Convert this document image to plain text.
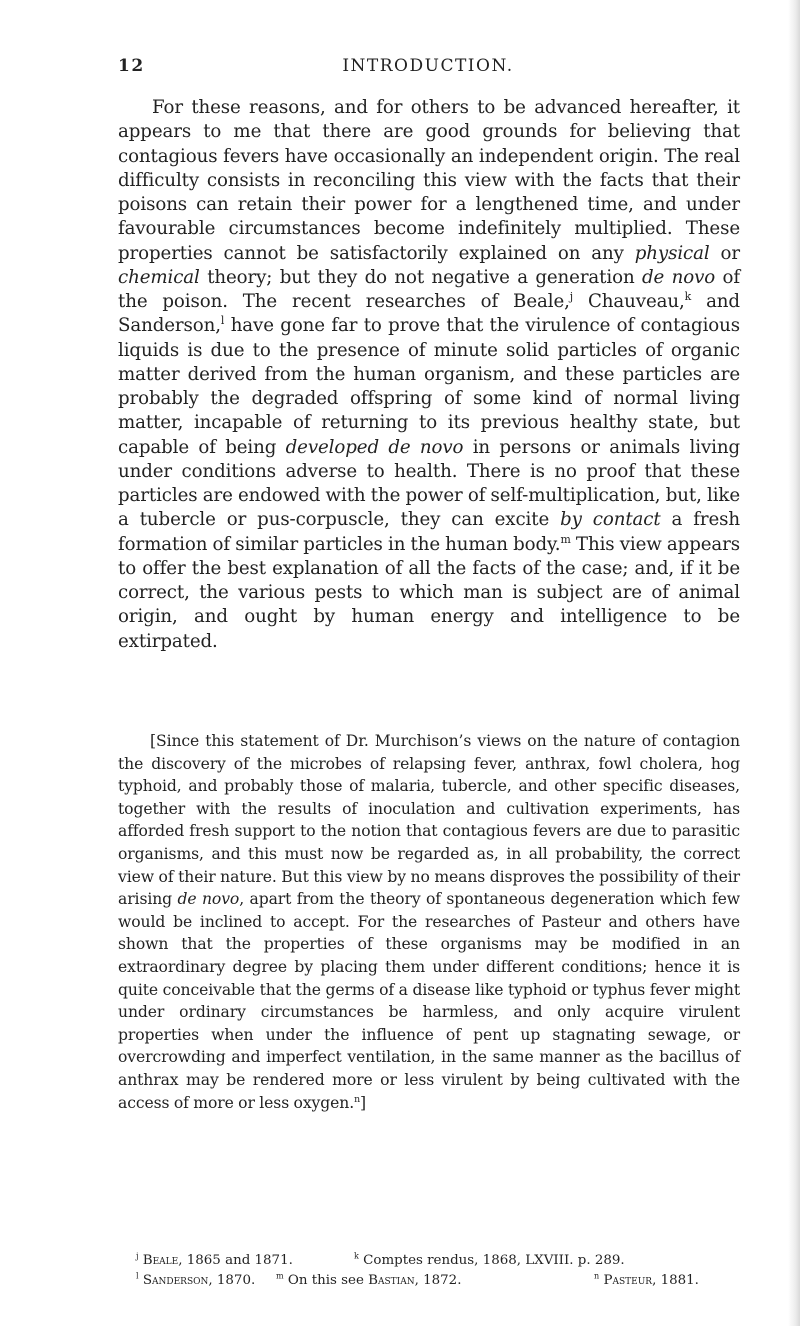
12	INTRODUCTION.

For these reasons, and for others to be advanced hereafter, it appears to me that there are good grounds for believing that contagious fevers have occasionally an independent origin. The real difficulty consists in reconciling this view with the facts that their poisons can retain their power for a lengthened time, and under favourable circumstances become indefinitely multiplied. These properties cannot be satisfactorily explained on any physical or chemical theory; but they do not negative a generation de novo of the poison. The recent researches of Beale,$^j$ Chauveau,$^k$ and Sanderson,$^l$ have gone far to prove that the virulence of contagious liquids is due to the presence of minute solid particles of organic matter derived from the human organism, and these particles are probably the degraded offspring of some kind of normal living matter, incapable of returning to its previous healthy state, but capable of being developed de novo in persons or animals living under conditions adverse to health. There is no proof that these particles are endowed with the power of self-multiplication, but, like a tubercle or pus-corpuscle, they can excite by contact a fresh formation of similar particles in the human body.$^m$ This view appears to offer the best explanation of all the facts of the case; and, if it be correct, the various pests to which man is subject are of animal origin, and ought by human energy and intelligence to be extirpated.

[Since this statement of Dr. Murchison’s views on the nature of contagion the discovery of the microbes of relapsing fever, anthrax, fowl cholera, hog typhoid, and probably those of malaria, tubercle, and other specific diseases, together with the results of inoculation and cultivation experiments, has afforded fresh support to the notion that contagious fevers are due to parasitic organisms, and this must now be regarded as, in all probability, the correct view of their nature. But this view by no means disproves the possibility of their arising de novo, apart from the theory of spontaneous degeneration which few would be inclined to accept. For the researches of Pasteur and others have shown that the properties of these organisms may be modified in an extraordinary degree by placing them under different conditions; hence it is quite conceivable that the germs of a disease like typhoid or typhus fever might under ordinary circumstances be harmless, and only acquire virulent properties when under the influence of pent up stagnating sewage, or overcrowding and imperfect ventilation, in the same manner as the bacillus of anthrax may be rendered more or less virulent by being cultivated with the access of more or less oxygen.$^n$]

$^j$ Beale, 1865 and 1871.	$^k$ Comptes rendus, 1868, LXVIII. p. 289.
$^l$ Sanderson, 1870.	$^m$ On this see Bastian, 1872.	$^n$ Pasteur, 1881.
